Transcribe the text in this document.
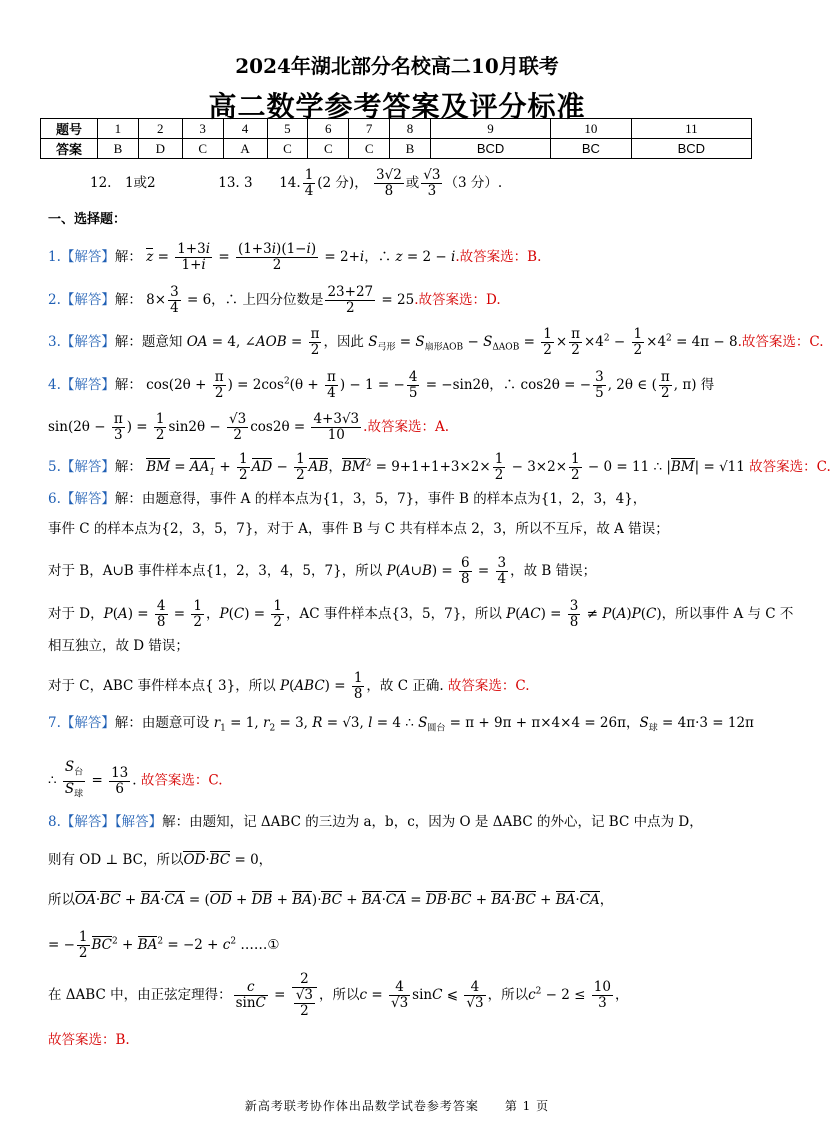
2024年湖北部分名校高二10月联考
高二数学参考答案及评分标准
题号	1	2	3	4	5	6	7	8	9	10	11
答案	B	D	C	A	C	C	C	B	BCD	BC	BCD
12.　1或2	13. 3 14. $\frac{1}{4} (2$ 分)， $\frac{3√2}{8}$ 或 $\frac{√3}{3} (3$ 分）.
一、选择题：
1.【解答】解： $z = \frac{1+3i}{1+i} = \frac{(1+3i)(1-i)}{2} = 2+i$，∴ z = 2 − i.故答案选：B.
2.【解答】解： $8\times \frac{3}{4} = 6$，∴ 上四分位数是 $\frac{23+27}{2} = 25$.故答案选：D.
3.【解答】解：题意知 OA = 4, ∠AOB = $\frac{\pi}{2}$ ，因此 $S_{弓形} = S_{扇形AOB} - S_{\Delta AOB} = \frac{1}{2} \times \frac{\pi}{2} \times 4^2 - \frac{1}{2} \times 4^2 = 4\pi - 8$.故答案选：C.
4.【解答】解： $\cos(2\theta + \frac{\pi}{2}$ ) = $2\cos^2(\theta + \frac{\pi}{4}$ ) − 1 = − $\frac{4}{5} = -\sin 2\theta$，∴ cos2θ = − $\frac{3}{5}$ , 2θ ∈ ( $\frac{\pi}{2}$ , π) 得
$\sin(2\theta - \frac{\pi}{3}$ ) = $\frac{1}{2} \sin 2\theta - \frac{√3}{2} \cos 2\theta = \frac{4+3√3}{10}$ .故答案选：A.
5.【解答】解： BM = $AA_1 + \frac{1}{2}$ AD − $\frac{1}{2}$ AB，$BM^2 = 9+1+1+3\times 2\times \frac{1}{2} - 3\times 2\times \frac{1}{2} - 0 = 11$ ∴ |BM| = √11 故答案选：C.
6.【解答】解：由题意得，事件 A 的样本点为{1，3，5，7}，事件 B 的样本点为{1，2，3，4}，
事件 C 的样本点为{2，3，5，7}，对于 A，事件 B 与 C 共有样本点 2，3，所以不互斥，故 A 错误；
对于 B，A∪B 事件样本点{1，2，3，4，5，7}，所以 P(A∪B) = $\frac{6}{8} = \frac{3}{4}$ ，故 B 错误；
对于 D，$P(A) = \frac{4}{8} = \frac{1}{2}$ ，$P(C) = \frac{1}{2}$ ，AC 事件样本点{3，5，7}，所以 $P(AC) = \frac{3}{8} \ne P(A)P(C)$，所以事件 A 与 C 不
相互独立，故 D 错误；
对于 C，ABC 事件样本点{ 3}，所以 $P(ABC) = \frac{1}{8}$ ，故 C 正确. 故答案选：C.
7.【解答】解：由题意可设 $r_1 = 1$, $r_2 = 3$, R = √3, l = 4 ∴ $S_{圆台} = \pi + 9\pi + \pi\times 4\times 4 = 26\pi$，$S_球 = 4\pi\cdot 3 = 12\pi$
∴ $\frac{S_台}{S_球} = \frac{13}{6}$ . 故答案选：C.
8.【解答】【解答】解：由题知，记 ΔABC 的三边为 a，b，c，因为 O 是 ΔABC 的外心，记 BC 中点为 D，
则有 OD ⊥ BC，所以OD·BC = 0，
所以OA·BC + BA·CA = (OD + DB + BA)·BC + BA·CA = DB·BC + BA·BC + BA·CA，
= − $\frac{1}{2} BC^2 + BA^2 = -2 + c^2$ ……①
在 ΔABC 中，由正弦定理得： $\frac{c}{\sin C} = \frac{2}{\frac{√3}{2}}$ ，所以$c = \frac{4}{√3}$ sinC ⩽ $\frac{4}{√3}$ ，所以$c^2 - 2 \le \frac{10}{3}$ ，
故答案选：B.
新高考联考协作体出品数学试卷参考答案　　第 1 页
